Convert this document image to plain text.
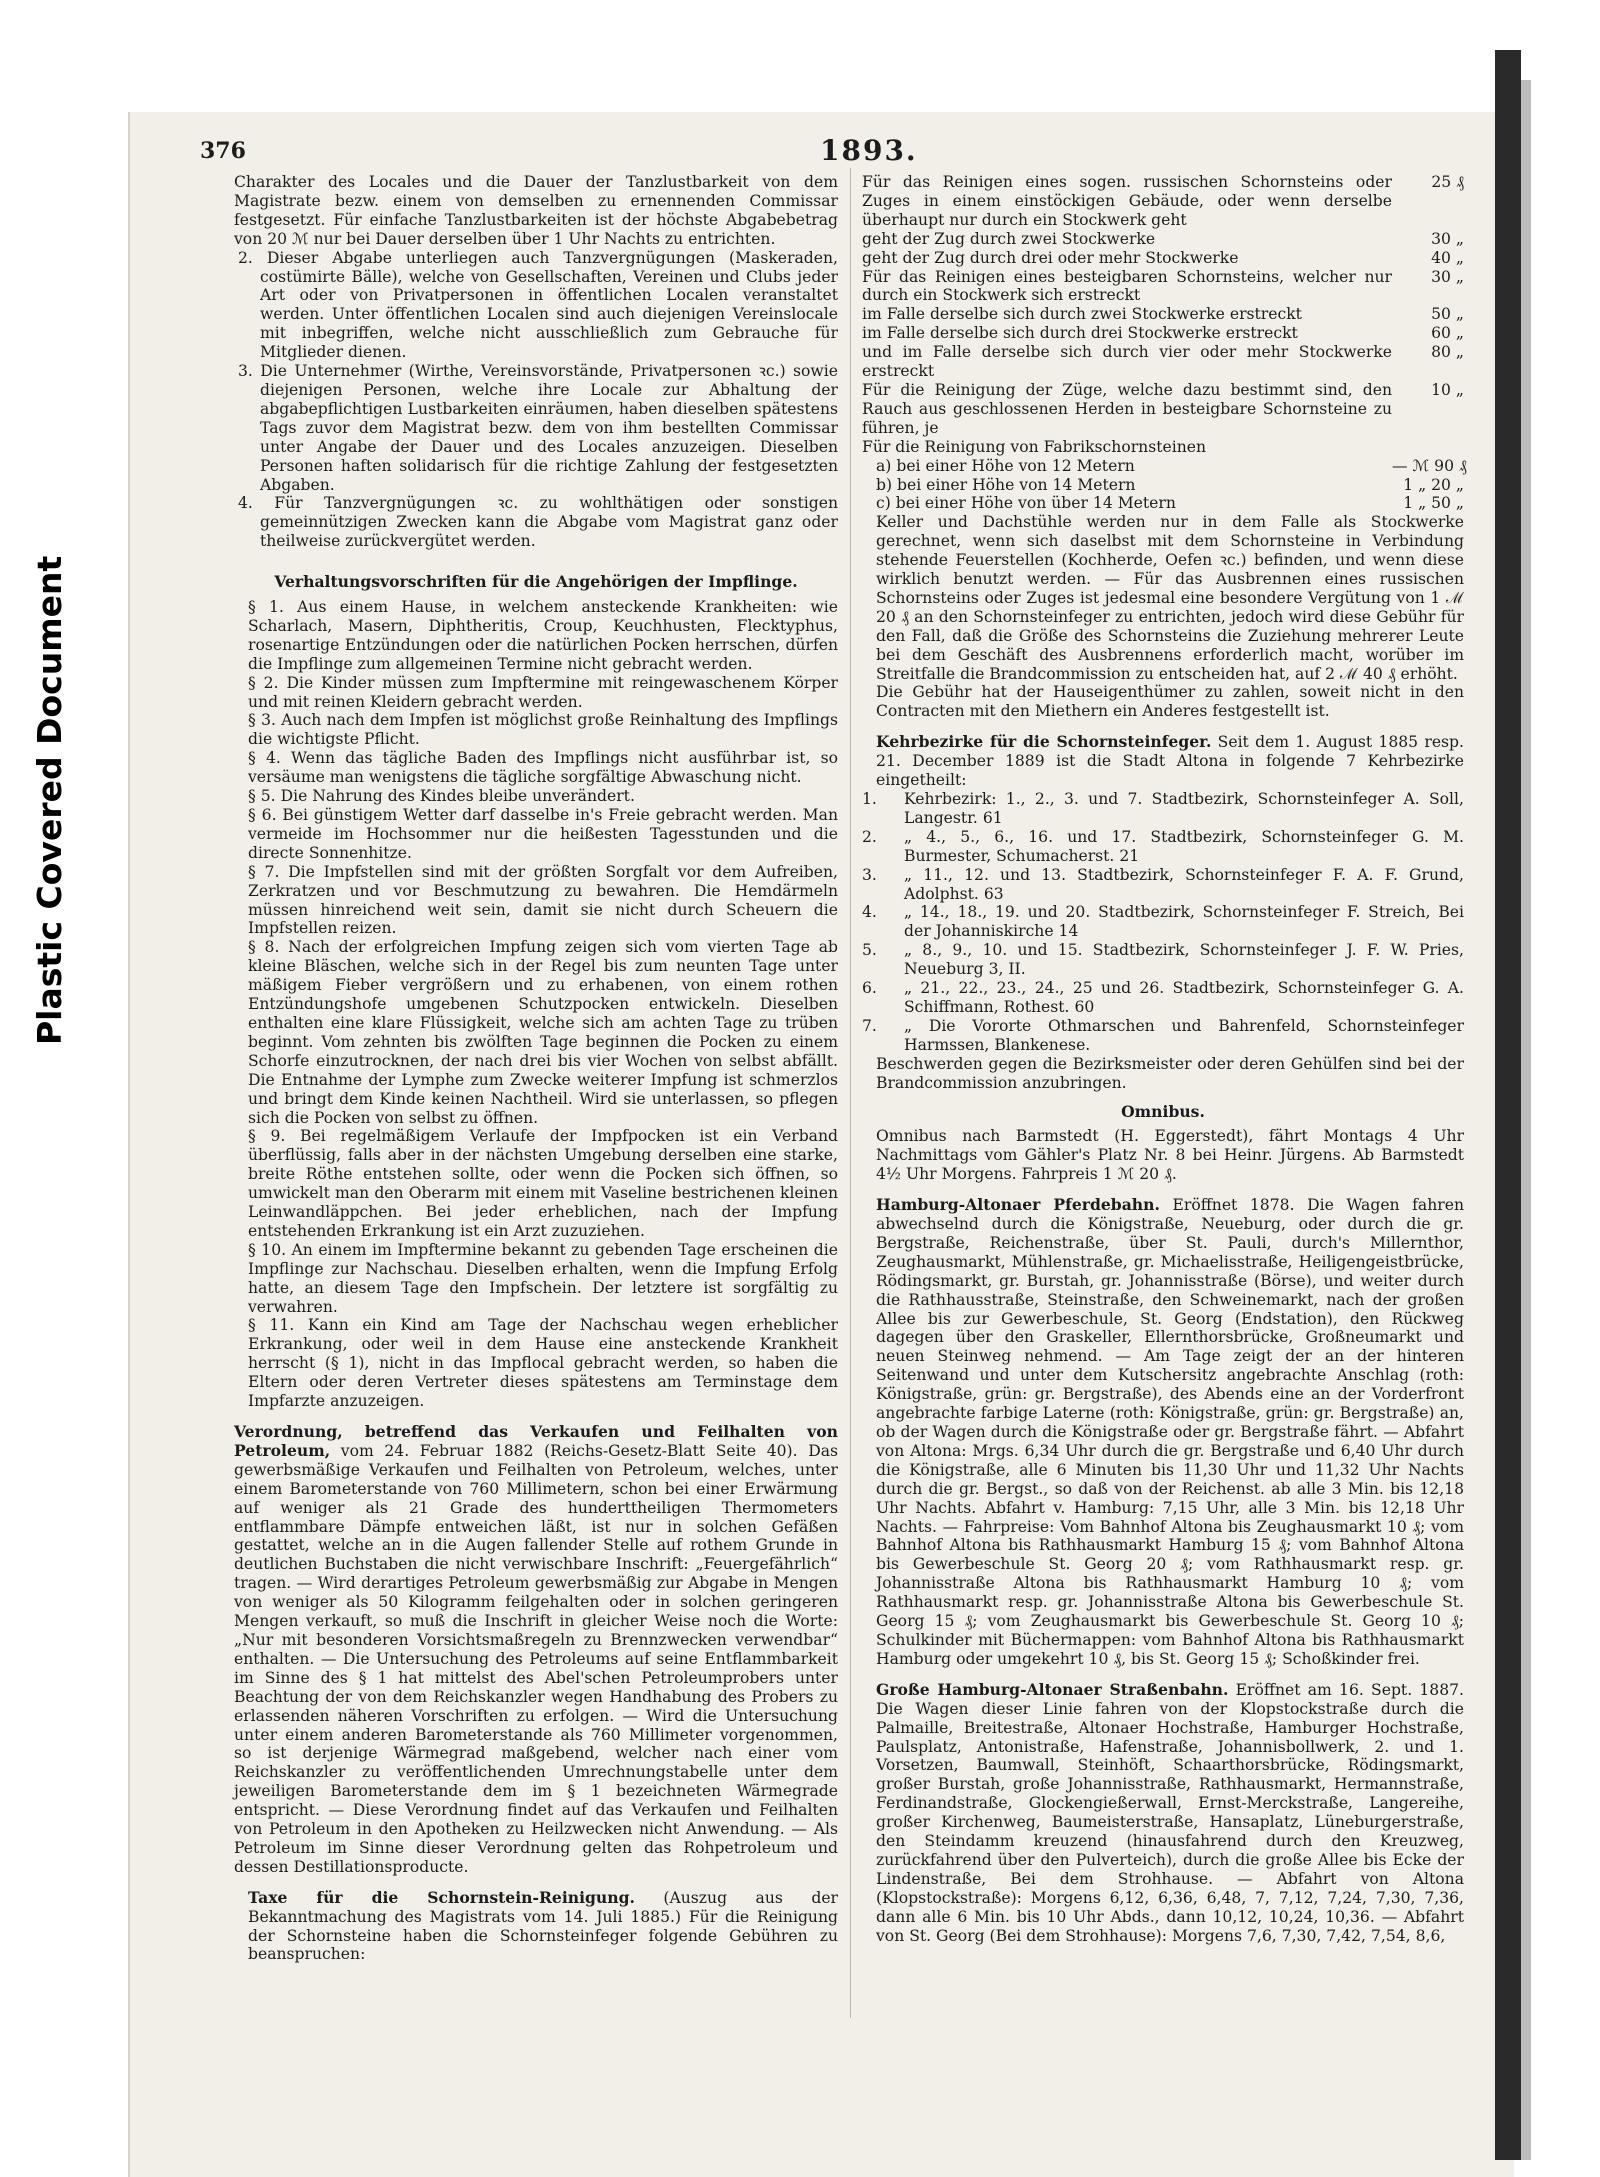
Plastic Covered Document
376	1893.

Charakter des Locales und die Dauer der Tanzlustbarkeit von dem Magistrate bezw. einem von demselben zu ernennenden Commissar festgesetzt. Für einfache Tanzlustbarkeiten ist der höchste Abgabebetrag von 20 ℳ nur bei Dauer derselben über 1 Uhr Nachts zu entrichten.

2. Dieser Abgabe unterliegen auch Tanzvergnügungen (Maskeraden, costümirte Bälle), welche von Gesellschaften, Vereinen und Clubs jeder Art oder von Privatpersonen in öffentlichen Localen veranstaltet werden. Unter öffentlichen Localen sind auch diejenigen Vereinslocale mit inbegriffen, welche nicht ausschließlich zum Gebrauche für Mitglieder dienen.

3. Die Unternehmer (Wirthe, Vereinsvorstände, Privatpersonen ꝛc.) sowie diejenigen Personen, welche ihre Locale zur Abhaltung der abgabepflichtigen Lustbarkeiten einräumen, haben dieselben spätestens Tags zuvor dem Magistrat bezw. dem von ihm bestellten Commissar unter Angabe der Dauer und des Locales anzuzeigen. Dieselben Personen haften solidarisch für die richtige Zahlung der festgesetzten Abgaben.

4. Für Tanzvergnügungen ꝛc. zu wohlthätigen oder sonstigen gemeinnützigen Zwecken kann die Abgabe vom Magistrat ganz oder theilweise zurückvergütet werden.

Verhaltungsvorschriften für die Angehörigen der Impflinge.

§ 1. Aus einem Hause, in welchem ansteckende Krankheiten: wie Scharlach, Masern, Diphtheritis, Croup, Keuchhusten, Flecktyphus, rosenartige Entzündungen oder die natürlichen Pocken herrschen, dürfen die Impflinge zum allgemeinen Termine nicht gebracht werden.

§ 2. Die Kinder müssen zum Impftermine mit reingewaschenem Körper und mit reinen Kleidern gebracht werden.

§ 3. Auch nach dem Impfen ist möglichst große Reinhaltung des Impflings die wichtigste Pflicht.

§ 4. Wenn das tägliche Baden des Impflings nicht ausführbar ist, so versäume man wenigstens die tägliche sorgfältige Abwaschung nicht.

§ 5. Die Nahrung des Kindes bleibe unverändert.

§ 6. Bei günstigem Wetter darf dasselbe in's Freie gebracht werden. Man vermeide im Hochsommer nur die heißesten Tagesstunden und die directe Sonnenhitze.

§ 7. Die Impfstellen sind mit der größten Sorgfalt vor dem Aufreiben, Zerkratzen und vor Beschmutzung zu bewahren. Die Hemdärmeln müssen hinreichend weit sein, damit sie nicht durch Scheuern die Impfstellen reizen.

§ 8. Nach der erfolgreichen Impfung zeigen sich vom vierten Tage ab kleine Bläschen, welche sich in der Regel bis zum neunten Tage unter mäßigem Fieber vergrößern und zu erhabenen, von einem rothen Entzündungshofe umgebenen Schutzpocken entwickeln. Dieselben enthalten eine klare Flüssigkeit, welche sich am achten Tage zu trüben beginnt. Vom zehnten bis zwölften Tage beginnen die Pocken zu einem Schorfe einzutrocknen, der nach drei bis vier Wochen von selbst abfällt. Die Entnahme der Lymphe zum Zwecke weiterer Impfung ist schmerzlos und bringt dem Kinde keinen Nachtheil. Wird sie unterlassen, so pflegen sich die Pocken von selbst zu öffnen.

§ 9. Bei regelmäßigem Verlaufe der Impfpocken ist ein Verband überflüssig, falls aber in der nächsten Umgebung derselben eine starke, breite Röthe entstehen sollte, oder wenn die Pocken sich öffnen, so umwickelt man den Oberarm mit einem mit Vaseline bestrichenen kleinen Leinwandläppchen. Bei jeder erheblichen, nach der Impfung entstehenden Erkrankung ist ein Arzt zuzuziehen.

§ 10. An einem im Impftermine bekannt zu gebenden Tage erscheinen die Impflinge zur Nachschau. Dieselben erhalten, wenn die Impfung Erfolg hatte, an diesem Tage den Impfschein. Der letztere ist sorgfältig zu verwahren.

§ 11. Kann ein Kind am Tage der Nachschau wegen erheblicher Erkrankung, oder weil in dem Hause eine ansteckende Krankheit herrscht (§ 1), nicht in das Impflocal gebracht werden, so haben die Eltern oder deren Vertreter dieses spätestens am Terminstage dem Impfarzte anzuzeigen.

Verordnung, betreffend das Verkaufen und Feilhalten von Petroleum, vom 24. Februar 1882 (Reichs-Gesetz-Blatt Seite 40). Das gewerbsmäßige Verkaufen und Feilhalten von Petroleum, welches, unter einem Barometerstande von 760 Millimetern, schon bei einer Erwärmung auf weniger als 21 Grade des hunderttheiligen Thermometers entflammbare Dämpfe entweichen läßt, ist nur in solchen Gefäßen gestattet, welche an in die Augen fallender Stelle auf rothem Grunde in deutlichen Buchstaben die nicht verwischbare Inschrift: „Feuergefährlich“ tragen. — Wird derartiges Petroleum gewerbsmäßig zur Abgabe in Mengen von weniger als 50 Kilogramm feilgehalten oder in solchen geringeren Mengen verkauft, so muß die Inschrift in gleicher Weise noch die Worte: „Nur mit besonderen Vorsichtsmaßregeln zu Brennzwecken verwendbar“ enthalten. — Die Untersuchung des Petroleums auf seine Entflammbarkeit im Sinne des § 1 hat mittelst des Abel'schen Petroleumprobers unter Beachtung der von dem Reichskanzler wegen Handhabung des Probers zu erlassenden näheren Vorschriften zu erfolgen. — Wird die Untersuchung unter einem anderen Barometerstande als 760 Millimeter vorgenommen, so ist derjenige Wärmegrad maßgebend, welcher nach einer vom Reichskanzler zu veröffentlichenden Umrechnungstabelle unter dem jeweiligen Barometerstande dem im § 1 bezeichneten Wärmegrade entspricht. — Diese Verordnung findet auf das Verkaufen und Feilhalten von Petroleum in den Apotheken zu Heilzwecken nicht Anwendung. — Als Petroleum im Sinne dieser Verordnung gelten das Rohpetroleum und dessen Destillationsproducte.

Taxe für die Schornstein-Reinigung. (Auszug aus der Bekanntmachung des Magistrats vom 14. Juli 1885.) Für die Reinigung der Schornsteine haben die Schornsteinfeger folgende Gebühren zu beanspruchen:

Für das Reinigen eines sogen. russischen Schornsteins oder Zuges in einem einstöckigen Gebäude, oder wenn derselbe überhaupt nur durch ein Stockwerk geht
25 ₰
geht der Zug durch zwei Stockwerke	30 „
geht der Zug durch drei oder mehr Stockwerke	40 „
Für das Reinigen eines besteigbaren Schornsteins, welcher nur durch ein Stockwerk sich erstreckt
30 „
im Falle derselbe sich durch zwei Stockwerke erstreckt	50 „
im Falle derselbe sich durch drei Stockwerke erstreckt	60 „
und im Falle derselbe sich durch vier oder mehr Stockwerke erstreckt
80 „
Für die Reinigung der Züge, welche dazu bestimmt sind, den Rauch aus geschlossenen Herden in besteigbare Schornsteine zu führen, je
10 „

Für die Reinigung von Fabrikschornsteinen

a) bei einer Höhe von 12 Metern	— ℳ 90 ₰
b) bei einer Höhe von 14 Metern	1 „ 20 „
c) bei einer Höhe von über 14 Metern	1 „ 50 „

Keller und Dachstühle werden nur in dem Falle als Stockwerke gerechnet, wenn sich daselbst mit dem Schornsteine in Verbindung stehende Feuerstellen (Kochherde, Oefen ꝛc.) befinden, und wenn diese wirklich benutzt werden. — Für das Ausbrennen eines russischen Schornsteins oder Zuges ist jedesmal eine besondere Vergütung von 1 ℳ 20 ₰ an den Schornsteinfeger zu entrichten, jedoch wird diese Gebühr für den Fall, daß die Größe des Schornsteins die Zuziehung mehrerer Leute bei dem Geschäft des Ausbrennens erforderlich macht, worüber im Streitfalle die Brandcommission zu entscheiden hat, auf 2 ℳ 40 ₰ erhöht.

Die Gebühr hat der Hauseigenthümer zu zahlen, soweit nicht in den Contracten mit den Miethern ein Anderes festgestellt ist.

Kehrbezirke für die Schornsteinfeger. Seit dem 1. August 1885 resp. 21. December 1889 ist die Stadt Altona in folgende 7 Kehrbezirke eingetheilt:

1.	Kehrbezirk: 1., 2., 3. und 7. Stadtbezirk, Schornsteinfeger A. Soll, Langestr. 61
2.	„ 4., 5., 6., 16. und 17. Stadtbezirk, Schornsteinfeger G. M. Burmester, Schumacherst. 21
3.	„ 11., 12. und 13. Stadtbezirk, Schornsteinfeger F. A. F. Grund, Adolphst. 63
4.	„ 14., 18., 19. und 20. Stadtbezirk, Schornsteinfeger F. Streich, Bei der Johanniskirche 14
5.	„ 8., 9., 10. und 15. Stadtbezirk, Schornsteinfeger J. F. W. Pries, Neueburg 3, II.
6.	„ 21., 22., 23., 24., 25 und 26. Stadtbezirk, Schornsteinfeger G. A. Schiffmann, Rothest. 60
7.	„ Die Vororte Othmarschen und Bahrenfeld, Schornsteinfeger Harmssen, Blankenese.

Beschwerden gegen die Bezirksmeister oder deren Gehülfen sind bei der Brandcommission anzubringen.

Omnibus.

Omnibus nach Barmstedt (H. Eggerstedt), fährt Montags 4 Uhr Nachmittags vom Gähler's Platz Nr. 8 bei Heinr. Jürgens. Ab Barmstedt 4½ Uhr Morgens. Fahrpreis 1 ℳ 20 ₰.

Hamburg-Altonaer Pferdebahn. Eröffnet 1878. Die Wagen fahren abwechselnd durch die Königstraße, Neueburg, oder durch die gr. Bergstraße, Reichenstraße, über St. Pauli, durch's Millernthor, Zeughausmarkt, Mühlenstraße, gr. Michaelisstraße, Heiligengeistbrücke, Rödingsmarkt, gr. Burstah, gr. Johannisstraße (Börse), und weiter durch die Rathhausstraße, Steinstraße, den Schweinemarkt, nach der großen Allee bis zur Gewerbeschule, St. Georg (Endstation), den Rückweg dagegen über den Graskeller, Ellernthorsbrücke, Großneumarkt und neuen Steinweg nehmend. — Am Tage zeigt der an der hinteren Seitenwand und unter dem Kutschersitz angebrachte Anschlag (roth: Königstraße, grün: gr. Bergstraße), des Abends eine an der Vorderfront angebrachte farbige Laterne (roth: Königstraße, grün: gr. Bergstraße) an, ob der Wagen durch die Königstraße oder gr. Bergstraße fährt. — Abfahrt von Altona: Mrgs. 6,34 Uhr durch die gr. Bergstraße und 6,40 Uhr durch die Königstraße, alle 6 Minuten bis 11,30 Uhr und 11,32 Uhr Nachts durch die gr. Bergst., so daß von der Reichenst. ab alle 3 Min. bis 12,18 Uhr Nachts. Abfahrt v. Hamburg: 7,15 Uhr, alle 3 Min. bis 12,18 Uhr Nachts. — Fahrpreise: Vom Bahnhof Altona bis Zeughausmarkt 10 ₰; vom Bahnhof Altona bis Rathhausmarkt Hamburg 15 ₰; vom Bahnhof Altona bis Gewerbeschule St. Georg 20 ₰; vom Rathhausmarkt resp. gr. Johannisstraße Altona bis Rathhausmarkt Hamburg 10 ₰; vom Rathhausmarkt resp. gr. Johannisstraße Altona bis Gewerbeschule St. Georg 15 ₰; vom Zeughausmarkt bis Gewerbeschule St. Georg 10 ₰; Schulkinder mit Büchermappen: vom Bahnhof Altona bis Rathhausmarkt Hamburg oder umgekehrt 10 ₰, bis St. Georg 15 ₰; Schoßkinder frei.

Große Hamburg-Altonaer Straßenbahn. Eröffnet am 16. Sept. 1887. Die Wagen dieser Linie fahren von der Klopstockstraße durch die Palmaille, Breitestraße, Altonaer Hochstraße, Hamburger Hochstraße, Paulsplatz, Antonistraße, Hafenstraße, Johannisbollwerk, 2. und 1. Vorsetzen, Baumwall, Steinhöft, Schaarthorsbrücke, Rödingsmarkt, großer Burstah, große Johannisstraße, Rathhausmarkt, Hermannstraße, Ferdinandstraße, Glockengießerwall, Ernst-Merckstraße, Langereihe, großer Kirchenweg, Baumeisterstraße, Hansaplatz, Lüneburgerstraße, den Steindamm kreuzend (hinausfahrend durch den Kreuzweg, zurückfahrend über den Pulverteich), durch die große Allee bis Ecke der Lindenstraße, Bei dem Strohhause. — Abfahrt von Altona (Klopstockstraße): Morgens 6,12, 6,36, 6,48, 7, 7,12, 7,24, 7,30, 7,36, dann alle 6 Min. bis 10 Uhr Abds., dann 10,12, 10,24, 10,36. — Abfahrt von St. Georg (Bei dem Strohhause): Morgens 7,6, 7,30, 7,42, 7,54, 8,6,
